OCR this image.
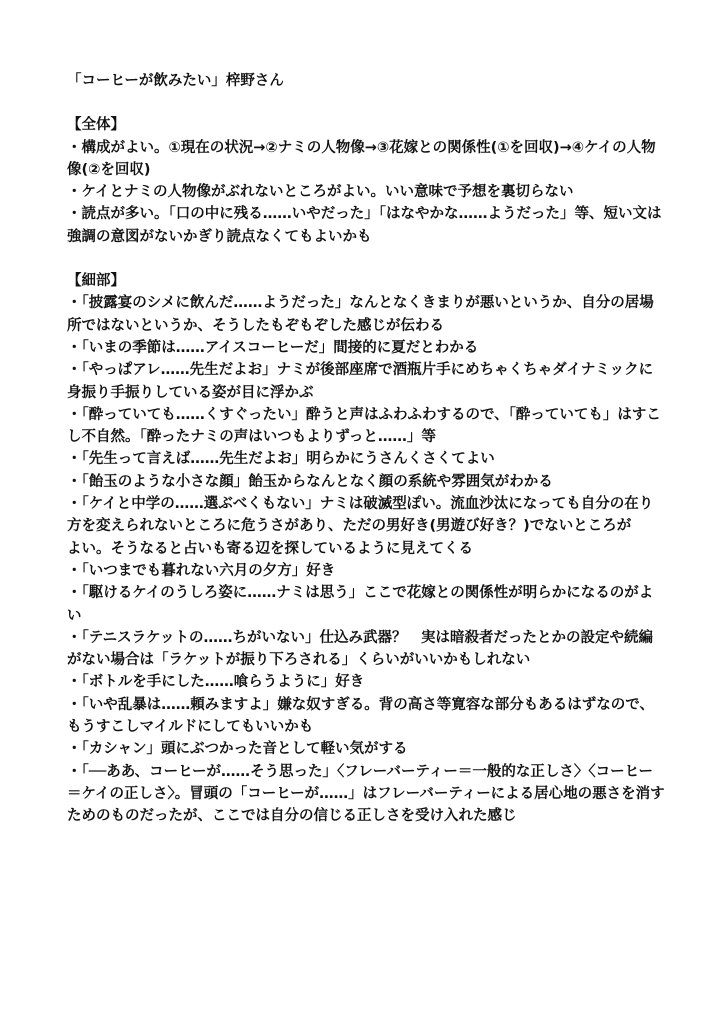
「コーヒーが飲みたい」梓野さん

【全体】

・構成がよい。①現在の状況→②ナミの人物像→③花嫁との関係性(①を回収)→④ケイの人物像(②を回収)

・ケイとナミの人物像がぶれないところがよい。いい意味で予想を裏切らない

・読点が多い。「口の中に残る……いやだった」「はなやかな……ようだった」等、短い文は強調の意図がないかぎり読点なくてもよいかも

【細部】

・「披露宴のシメに飲んだ……ようだった」なんとなくきまりが悪いというか、自分の居場所ではないというか、そうしたもぞもぞした感じが伝わる

・「いまの季節は……アイスコーヒーだ」間接的に夏だとわかる

・「やっぱアレ……先生だよお」ナミが後部座席で酒瓶片手にめちゃくちゃダイナミックに身振り手振りしている姿が目に浮かぶ

・「酔っていても……くすぐったい」酔うと声はふわふわするので、「酔っていても」はすこし不自然。「酔ったナミの声はいつもよりずっと……」等

・「先生って言えば……先生だよお」明らかにうさんくさくてよい

・「飴玉のような小さな顔」飴玉からなんとなく顔の系統や雰囲気がわかる

・「ケイと中学の……選ぶべくもない」ナミは破滅型ぽい。流血沙汰になっても自分の在り方を変えられないところに危うさがあり、ただの男好き(男遊び好き？)でないところが

よい。そうなると占いも寄る辺を探しているように見えてくる

・「いつまでも暮れない六月の夕方」好き

・「駆けるケイのうしろ姿に……ナミは思う」ここで花嫁との関係性が明らかになるのがよい

・「テニスラケットの……ちがいない」仕込み武器？　実は暗殺者だったとかの設定や続編がない場合は「ラケットが振り下ろされる」くらいがいいかもしれない

・「ボトルを手にした……喰らうように」好き

・「いや乱暴は……頼みますよ」嫌な奴すぎる。背の高さ等寛容な部分もあるはずなので、もうすこしマイルドにしてもいいかも

・「カシャン」頭にぶつかった音として軽い気がする

・「──ああ、コーヒーが……そう思った」〈フレーバーティー＝一般的な正しさ〉〈コーヒー＝ケイの正しさ〉。冒頭の「コーヒーが……」はフレーバーティーによる居心地の悪さを消すためのものだったが、ここでは自分の信じる正しさを受け入れた感じ
